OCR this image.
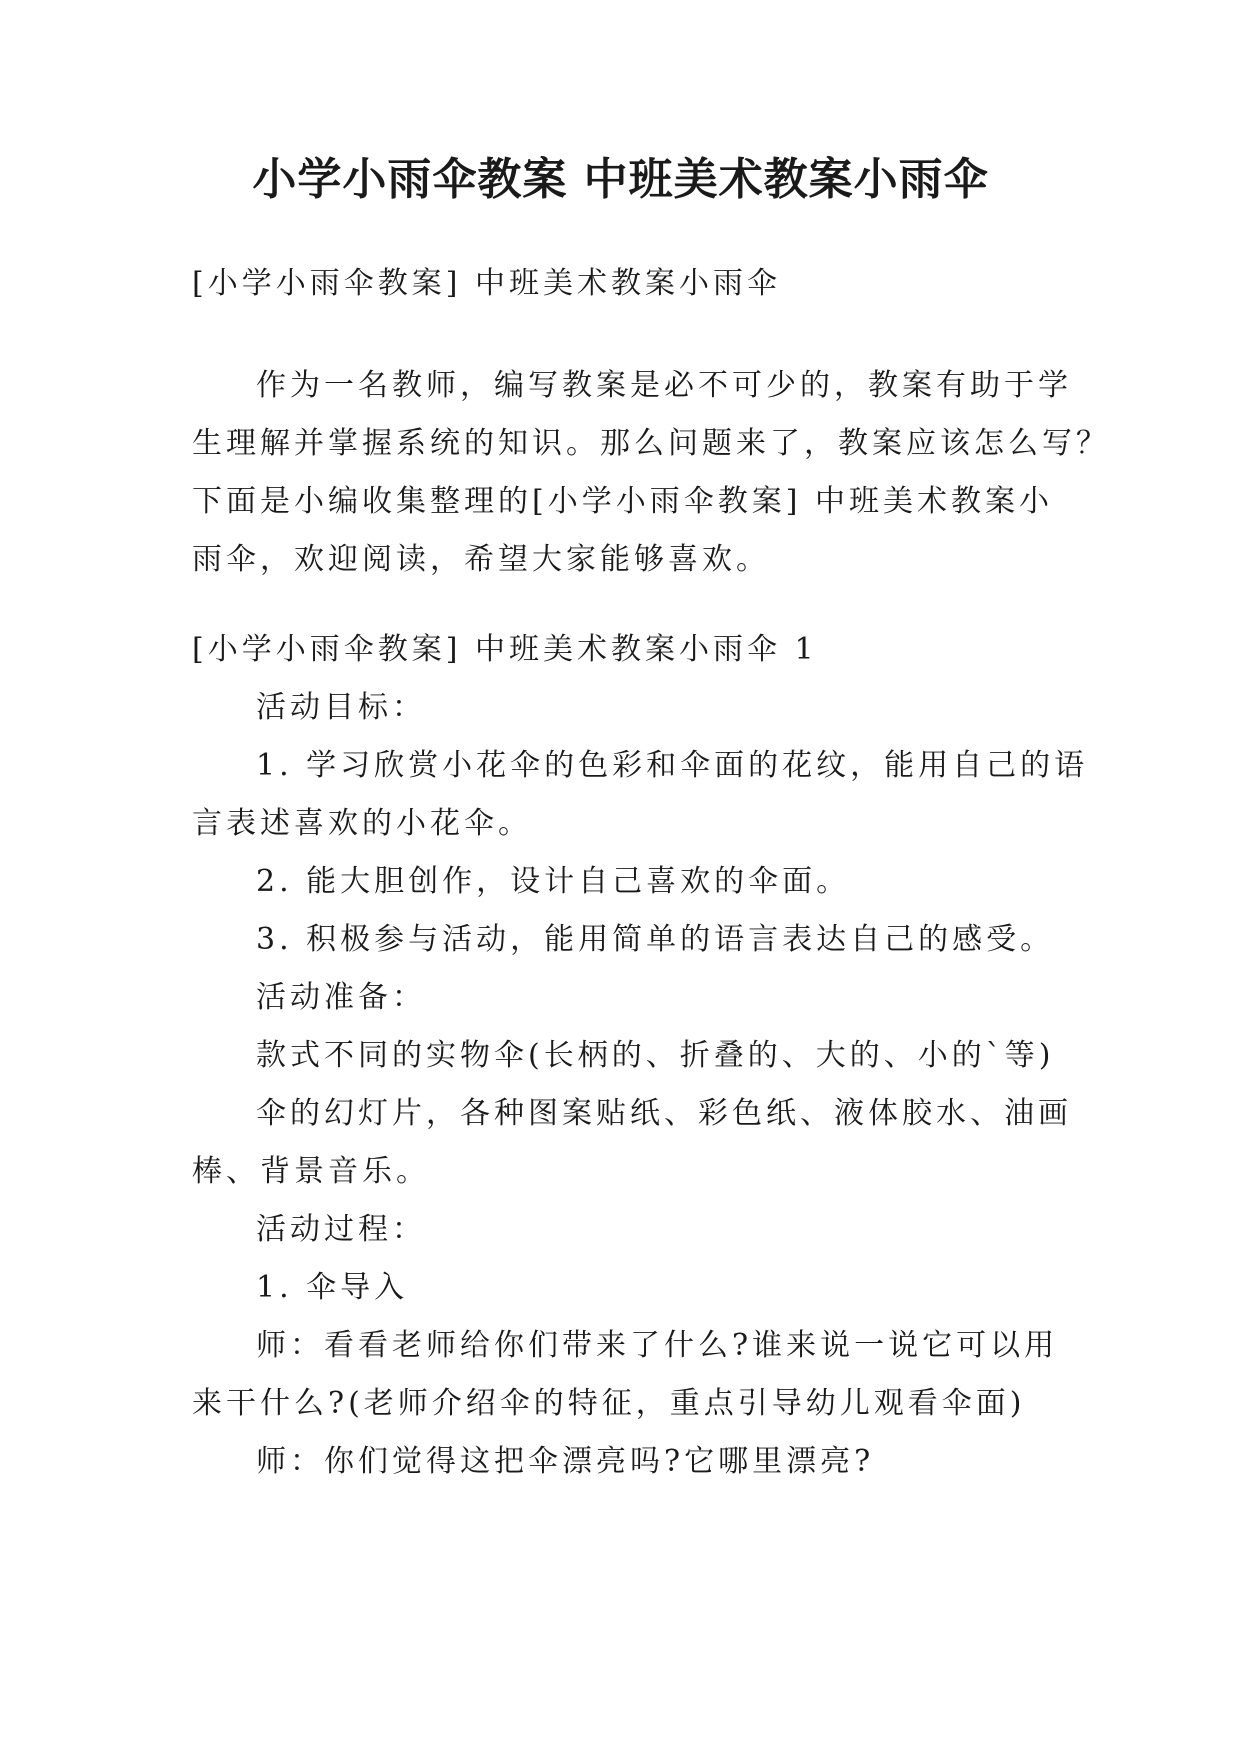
小学小雨伞教案 中班美术教案小雨伞
[小学小雨伞教案] 中班美术教案小雨伞
作为一名教师，编写教案是必不可少的，教案有助于学
生理解并掌握系统的知识。那么问题来了，教案应该怎么写？
下面是小编收集整理的[小学小雨伞教案] 中班美术教案小
雨伞，欢迎阅读，希望大家能够喜欢。
[小学小雨伞教案] 中班美术教案小雨伞 1
活动目标：
1. 学习欣赏小花伞的色彩和伞面的花纹，能用自己的语
言表述喜欢的小花伞。
2. 能大胆创作，设计自己喜欢的伞面。
3. 积极参与活动，能用简单的语言表达自己的感受。
活动准备：
款式不同的实物伞(长柄的、折叠的、大的、小的`等)
伞的幻灯片，各种图案贴纸、彩色纸、液体胶水、油画
棒、背景音乐。
活动过程：
1. 伞导入
师：看看老师给你们带来了什么?谁来说一说它可以用
来干什么?(老师介绍伞的特征，重点引导幼儿观看伞面)
师：你们觉得这把伞漂亮吗?它哪里漂亮?
